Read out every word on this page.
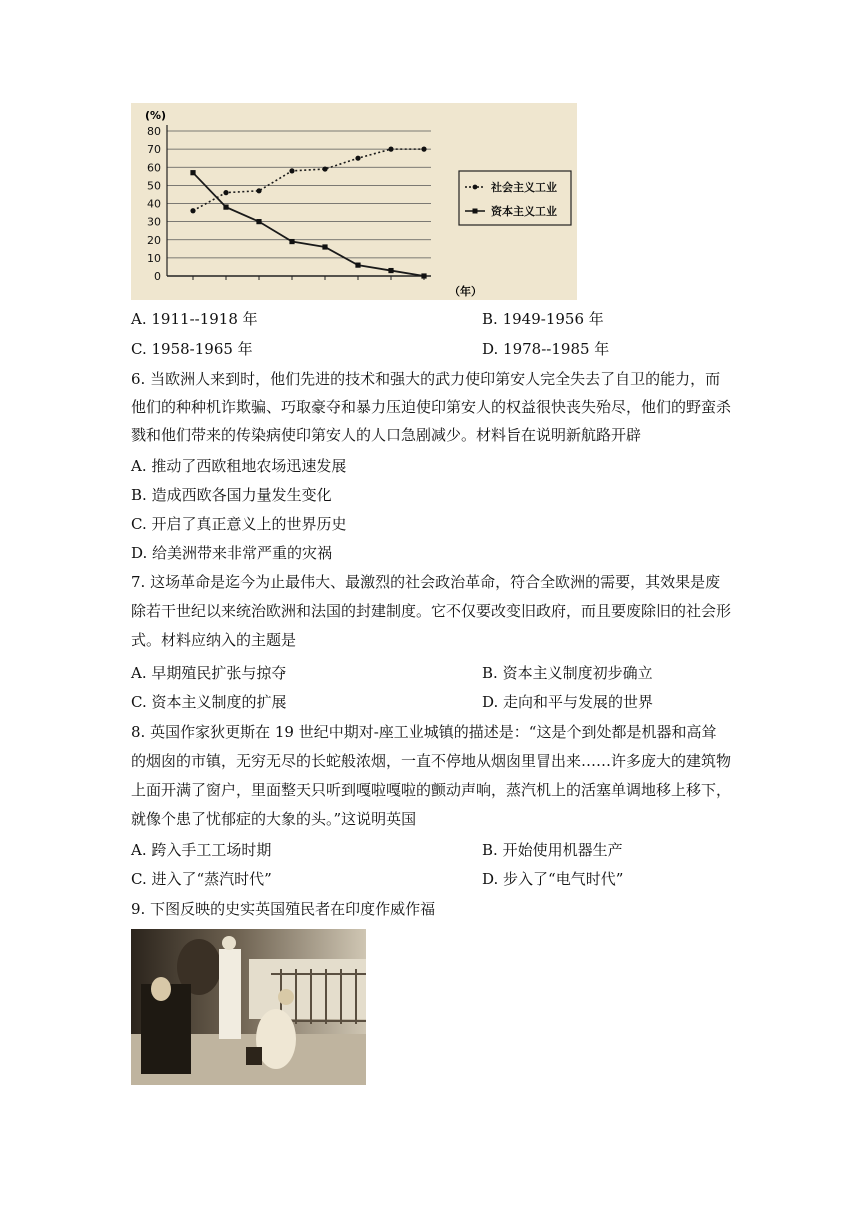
(%)
（年）
80
70
60
50
40
30
20
10
0
社会主义工业
资本主义工业
A. 1911--1918 年	B. 1949-1956 年
C. 1958-1965 年	D. 1978--1985 年
6. 当欧洲人来到时，他们先进的技术和强大的武力使印第安人完全失去了自卫的能力，而
他们的种种机诈欺骗、巧取豪夺和暴力压迫使印第安人的权益很快丧失殆尽，他们的野蛮杀
戮和他们带来的传染病使印第安人的人口急剧减少。材料旨在说明新航路开辟
A. 推动了西欧租地农场迅速发展
B. 造成西欧各国力量发生变化
C. 开启了真正意义上的世界历史
D. 给美洲带来非常严重的灾祸
7. 这场革命是迄今为止最伟大、最激烈的社会政治革命，符合全欧洲的需要，其效果是废
除若干世纪以来统治欧洲和法国的封建制度。它不仅要改变旧政府，而且要废除旧的社会形
式。材料应纳入的主题是
A. 早期殖民扩张与掠夺	B. 资本主义制度初步确立
C. 资本主义制度的扩展	D. 走向和平与发展的世界
8. 英国作家狄更斯在 19 世纪中期对-座工业城镇的描述是：“这是个到处都是机器和高耸
的烟囱的市镇，无穷无尽的长蛇般浓烟，一直不停地从烟囱里冒出来……许多庞大的建筑物
上面开满了窗户，里面整天只听到嘎啦嘎啦的颤动声响，蒸汽机上的活塞单调地移上移下，
就像个患了忧郁症的大象的头。”这说明英国
A. 跨入手工工场时期	B. 开始使用机器生产
C. 进入了“蒸汽时代”	D. 步入了“电气时代”
9. 下图反映的史实英国殖民者在印度作威作福
